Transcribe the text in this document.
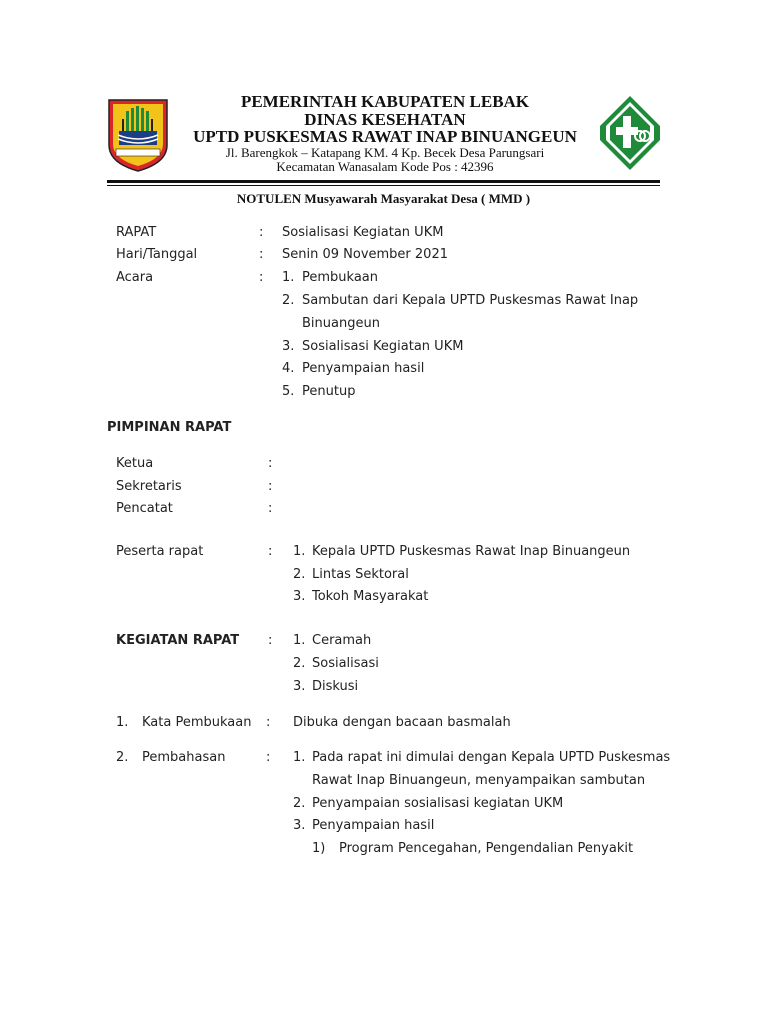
PEMERINTAH KABUPATEN LEBAK
DINAS KESEHATAN
UPTD PUSKESMAS RAWAT INAP BINUANGEUN
Jl. Barengkok – Katapang KM. 4 Kp. Becek Desa Parungsari
Kecamatan Wanasalam Kode Pos : 42396
NOTULEN Musyawarah Masyarakat Desa ( MMD )
RAPAT	: Sosialisasi Kegiatan UKM
Hari/Tanggal	: Senin 09 November 2021
Acara	: 1. Pembukaan
2. Sambutan dari Kepala UPTD Puskesmas Rawat Inap
Binuangeun
3. Sosialisasi Kegiatan UKM
4. Penyampaian hasil
5. Penutup
PIMPINAN RAPAT
Ketua	:
Sekretaris	:
Pencatat	:
Peserta rapat	: 1. Kepala UPTD Puskesmas Rawat Inap Binuangeun
2. Lintas Sektoral
3. Tokoh Masyarakat
KEGIATAN RAPAT : 1. Ceramah
2. Sosialisasi
3. Diskusi
1. Kata Pembukaan : Dibuka dengan bacaan basmalah
2. Pembahasan	: 1. Pada rapat ini dimulai dengan Kepala UPTD Puskesmas
Rawat Inap Binuangeun, menyampaikan sambutan
2. Penyampaian sosialisasi kegiatan UKM
3. Penyampaian hasil
1) Program Pencegahan, Pengendalian Penyakit
